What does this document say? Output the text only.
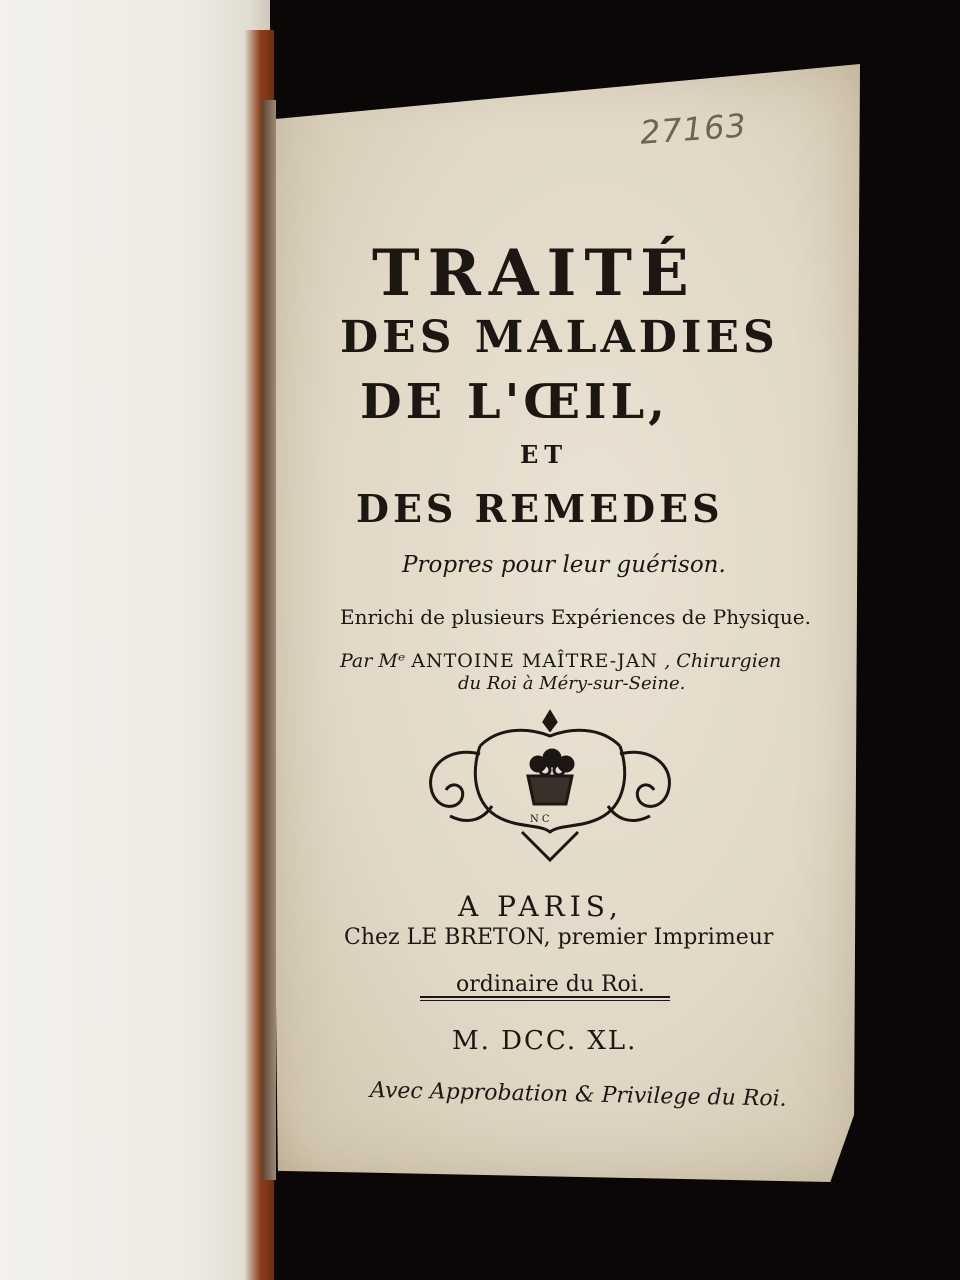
27163
TRAITÉ
DES MALADIES
DE L'ŒIL,
ET
DES REMEDES
Propres pour leur guérison.
Enrichi de plusieurs Expériences de Physique.
Par Mᵉ ANTOINE MAÎTRE-JAN , Chirurgien
du Roi à Méry-sur-Seine.
N C
A PARIS,
Chez LE BRETON, premier Imprimeur
ordinaire du Roi.
M. DCC. XL.
Avec Approbation & Privilege du Roi.
